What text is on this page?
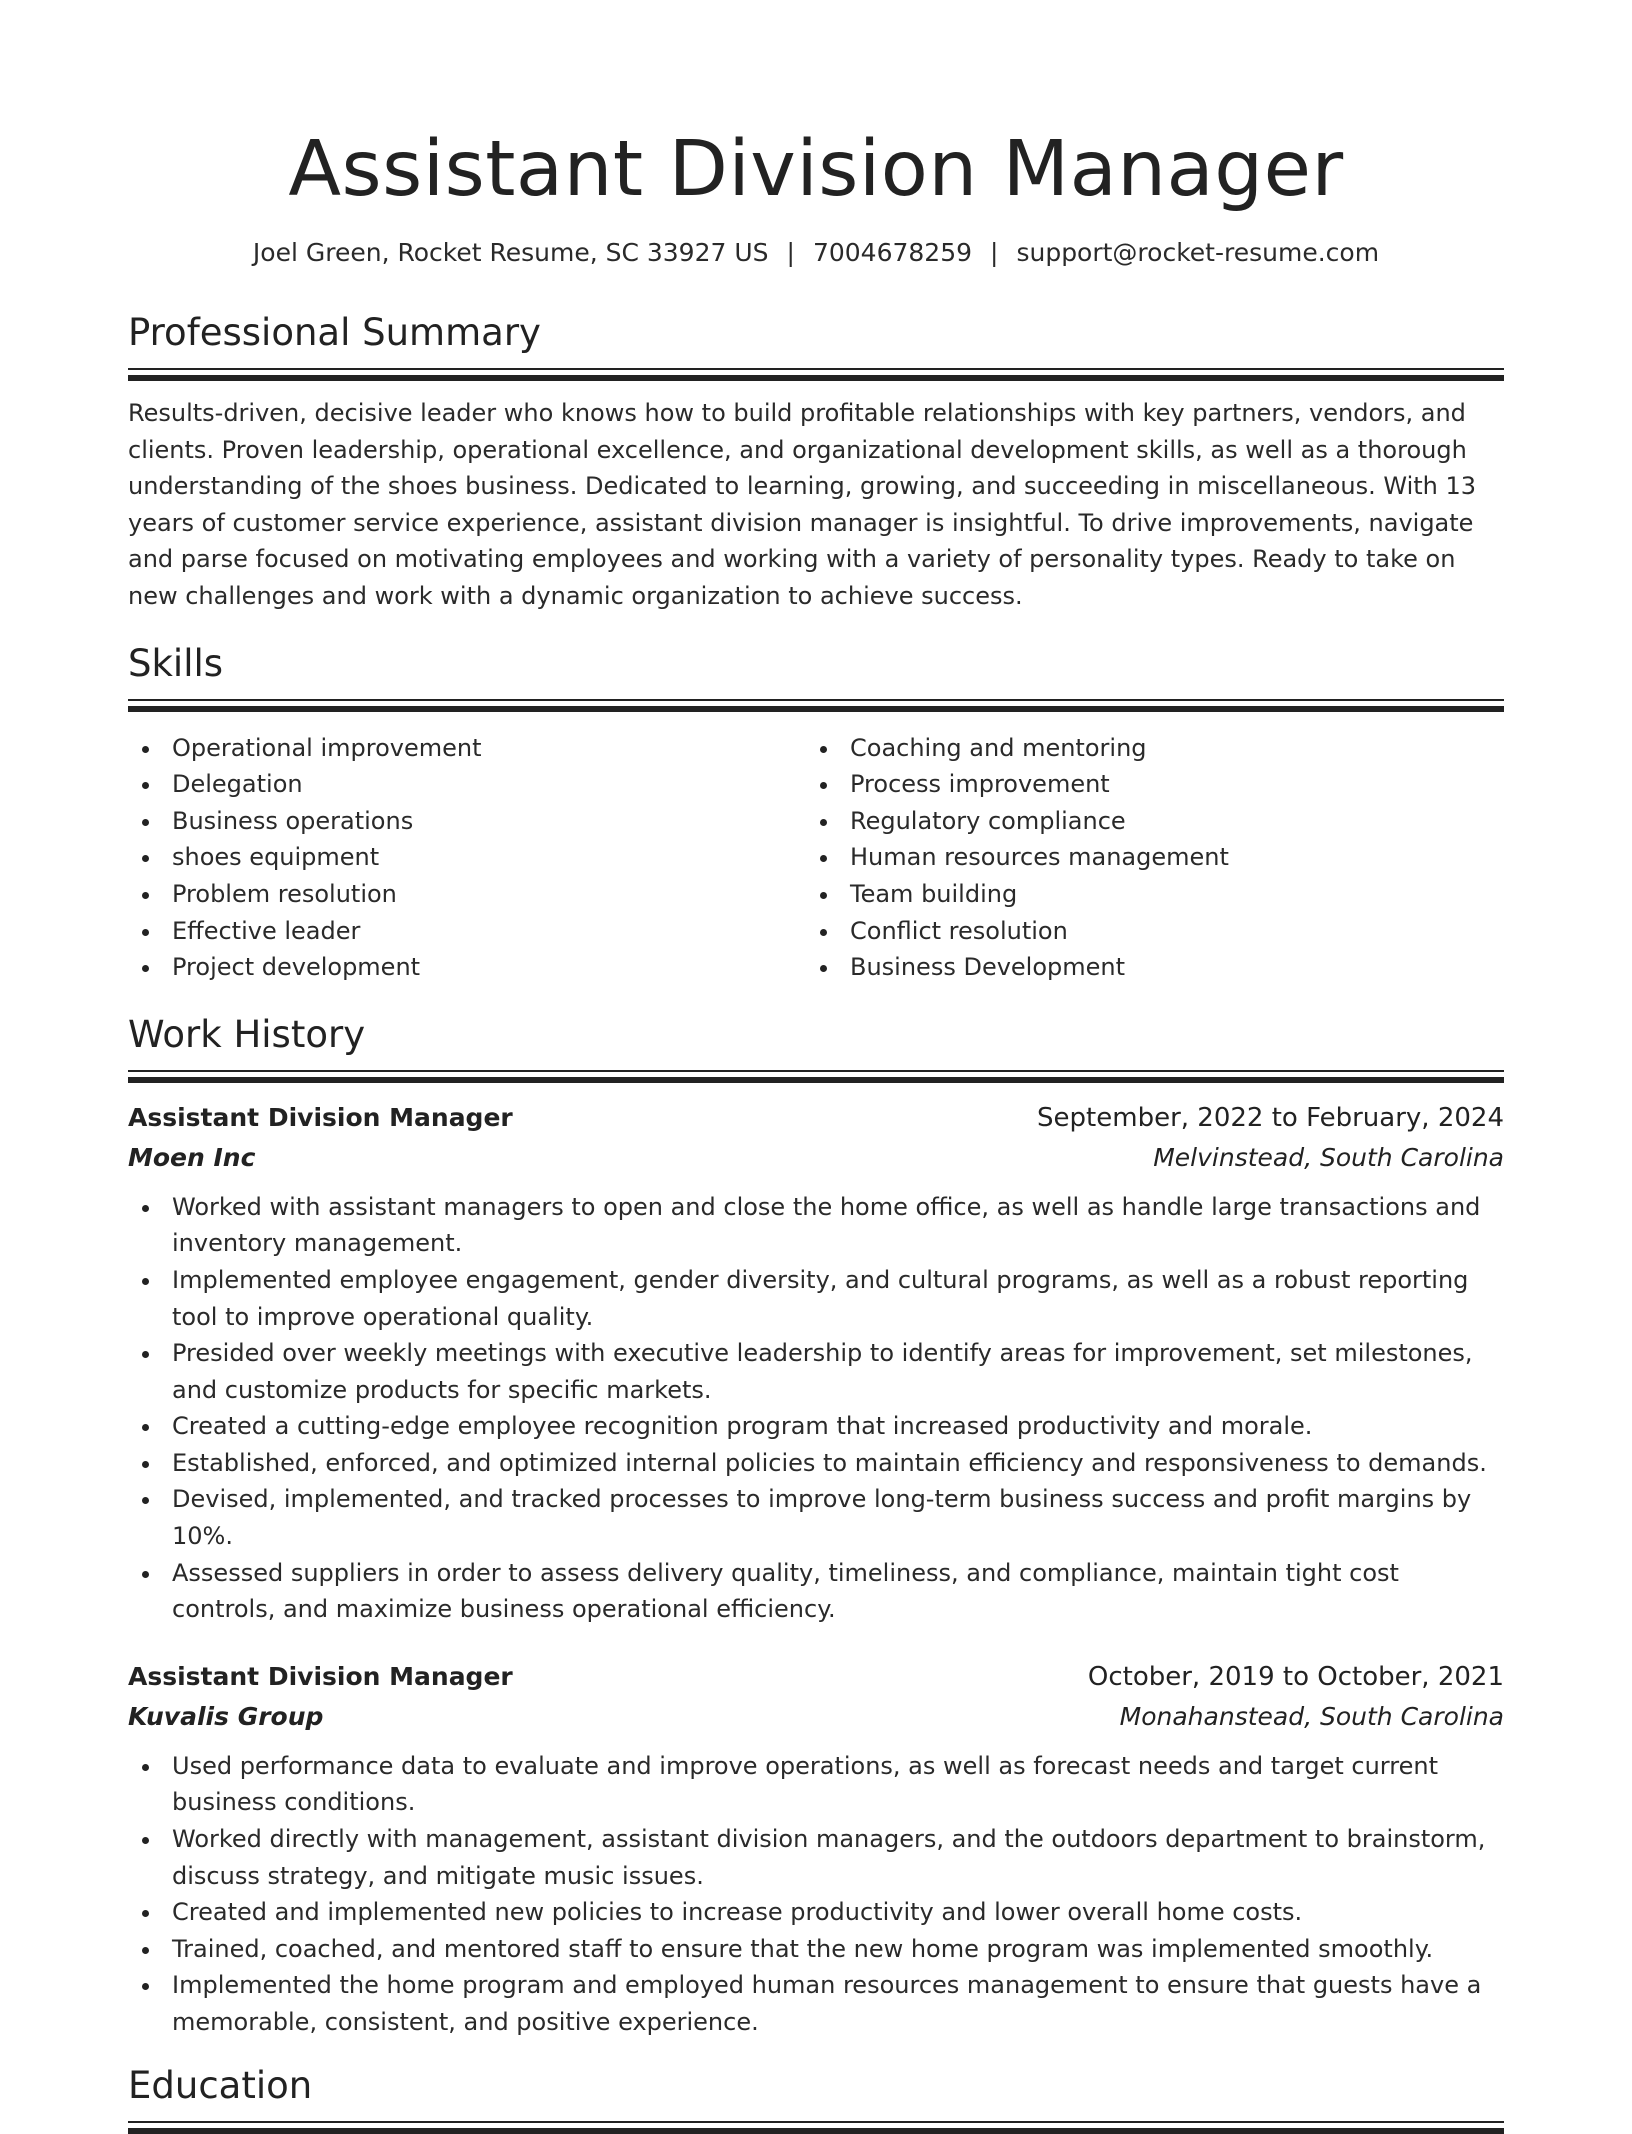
Assistant Division Manager
Joel Green, Rocket Resume, SC 33927 US | 7004678259 | support@rocket-resume.com
Professional Summary

Results-driven, decisive leader who knows how to build profitable relationships with key partners, vendors, and clients. Proven leadership, operational excellence, and organizational development skills, as well as a thorough understanding of the shoes business. Dedicated to learning, growing, and succeeding in miscellaneous. With 13 years of customer service experience, assistant division manager is insightful. To drive improvements, navigate and parse focused on motivating employees and working with a variety of personality types. Ready to take on new challenges and work with a dynamic organization to achieve success.

Skills
Operational improvement
Delegation
Business operations
shoes equipment
Problem resolution
Effective leader
Project development
Coaching and mentoring
Process improvement
Regulatory compliance
Human resources management
Team building
Conflict resolution
Business Development
Work History
Assistant Division Manager	September, 2022 to February, 2024
Moen Inc	Melvinstead, South Carolina
Worked with assistant managers to open and close the home office, as well as handle large transactions and inventory management.
Implemented employee engagement, gender diversity, and cultural programs, as well as a robust reporting tool to improve operational quality.
Presided over weekly meetings with executive leadership to identify areas for improvement, set milestones, and customize products for specific markets.
Created a cutting-edge employee recognition program that increased productivity and morale.
Established, enforced, and optimized internal policies to maintain efficiency and responsiveness to demands.
Devised, implemented, and tracked processes to improve long-term business success and profit margins by 10%.
Assessed suppliers in order to assess delivery quality, timeliness, and compliance, maintain tight cost controls, and maximize business operational efficiency.
Assistant Division Manager	October, 2019 to October, 2021
Kuvalis Group	Monahanstead, South Carolina
Used performance data to evaluate and improve operations, as well as forecast needs and target current business conditions.
Worked directly with management, assistant division managers, and the outdoors department to brainstorm, discuss strategy, and mitigate music issues.
Created and implemented new policies to increase productivity and lower overall home costs.
Trained, coached, and mentored staff to ensure that the new home program was implemented smoothly.
Implemented the home program and employed human resources management to ensure that guests have a memorable, consistent, and positive experience.
Education
